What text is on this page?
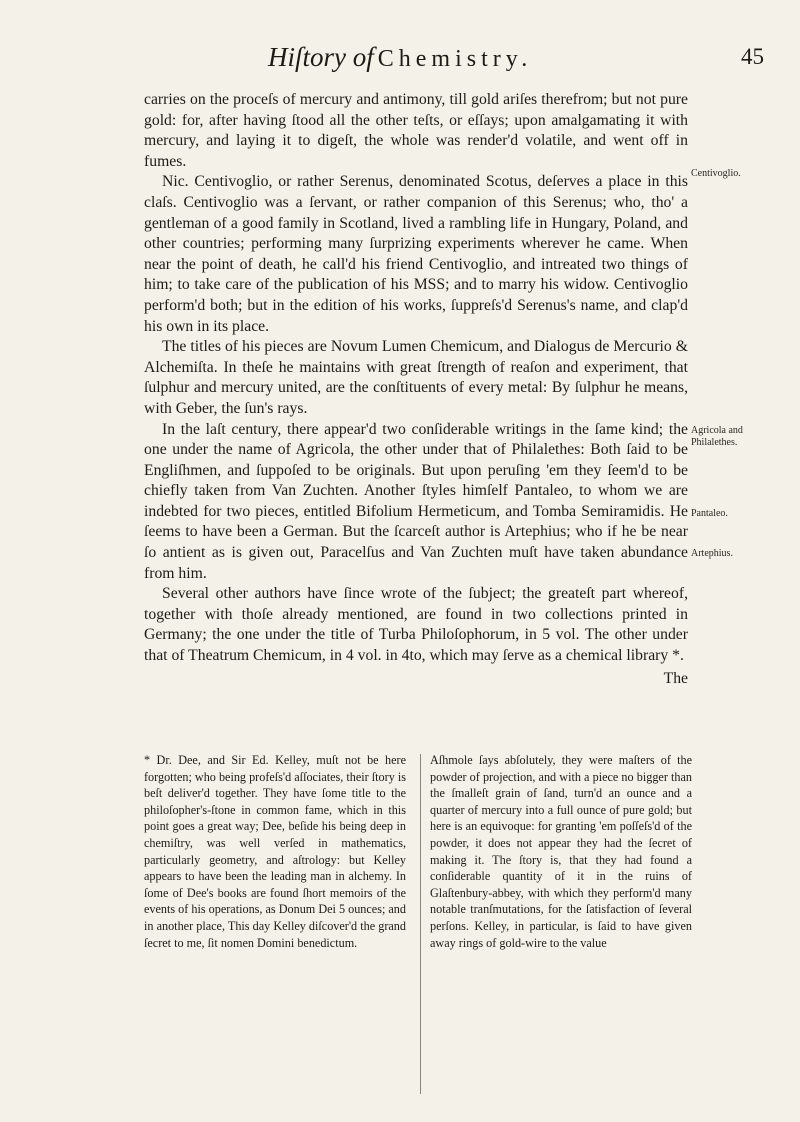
Hiſtory of Chemistry.	45

carries on the proceſs of mercury and antimony, till gold ariſes therefrom; but not pure gold: for, after having ſtood all the other teſts, or eſſays; upon amalgamating it with mercury, and laying it to digeſt, the whole was render'd volatile, and went off in fumes.

Nic. Centivoglio, or rather Serenus, denominated Scotus, deſerves a place in this claſs. Centivoglio was a ſervant, or rather companion of this Serenus; who, tho' a gentleman of a good family in Scotland, lived a rambling life in Hungary, Poland, and other countries; performing many ſurprizing experiments wherever he came. When near the point of death, he call'd his friend Centivoglio, and intreated two things of him; to take care of the publication of his MSS; and to marry his widow. Centivoglio perform'd both; but in the edition of his works, ſuppreſs'd Serenus's name, and clap'd his own in its place.

The titles of his pieces are Novum Lumen Chemicum, and Dialogus de Mercurio & Alchemiſta. In theſe he maintains with great ſtrength of reaſon and experiment, that ſulphur and mercury united, are the conſtituents of every metal: By ſulphur he means, with Geber, the ſun's rays.

In the laſt century, there appear'd two conſiderable writings in the ſame kind; the one under the name of Agricola, the other under that of Philalethes: Both ſaid to be Engliſhmen, and ſuppoſed to be originals. But upon peruſing 'em they ſeem'd to be chiefly taken from Van Zuchten. Another ſtyles himſelf Pantaleo, to whom we are indebted for two pieces, entitled Bifolium Hermeticum, and Tomba Semiramidis. He ſeems to have been a German. But the ſcarceſt author is Artephius; who if he be near ſo antient as is given out, Paracelſus and Van Zuchten muſt have taken abundance from him.

Several other authors have ſince wrote of the ſubject; the greateſt part whereof, together with thoſe already mentioned, are found in two collections printed in Germany; the one under the title of Turba Philoſophorum, in 5 vol. The other under that of Theatrum Chemicum, in 4 vol. in 4to, which may ſerve as a chemical library *.

The

Centivoglio.
Agricola and Philalethes.
Pantaleo.
Artephius.
* Dr. Dee, and Sir Ed. Kelley, muſt not be here forgotten; who being profeſs'd aſſociates, their ſtory is beſt deliver'd together. They have ſome title to the philoſopher's-ſtone in common fame, which in this point goes a great way; Dee, beſide his being deep in chemiſtry, was well verſed in mathematics, particularly geometry, and aſtrology: but Kelley appears to have been the leading man in alchemy. In ſome of Dee's books are found ſhort memoirs of the events of his operations, as Donum Dei 5 ounces; and in another place, This day Kelley diſcover'd the grand ſecret to me, ſit nomen Domini benedictum.
Aſhmole ſays abſolutely, they were maſters of the powder of projection, and with a piece no bigger than the ſmalleſt grain of ſand, turn'd an ounce and a quarter of mercury into a full ounce of pure gold; but here is an equivoque: for granting 'em poſſeſs'd of the powder, it does not appear they had the ſecret of making it. The ſtory is, that they had found a conſiderable quantity of it in the ruins of Glaſtenbury-abbey, with which they perform'd many notable tranſmutations, for the ſatisfaction of ſeveral perſons. Kelley, in particular, is ſaid to have given away rings of gold-wire to the value
